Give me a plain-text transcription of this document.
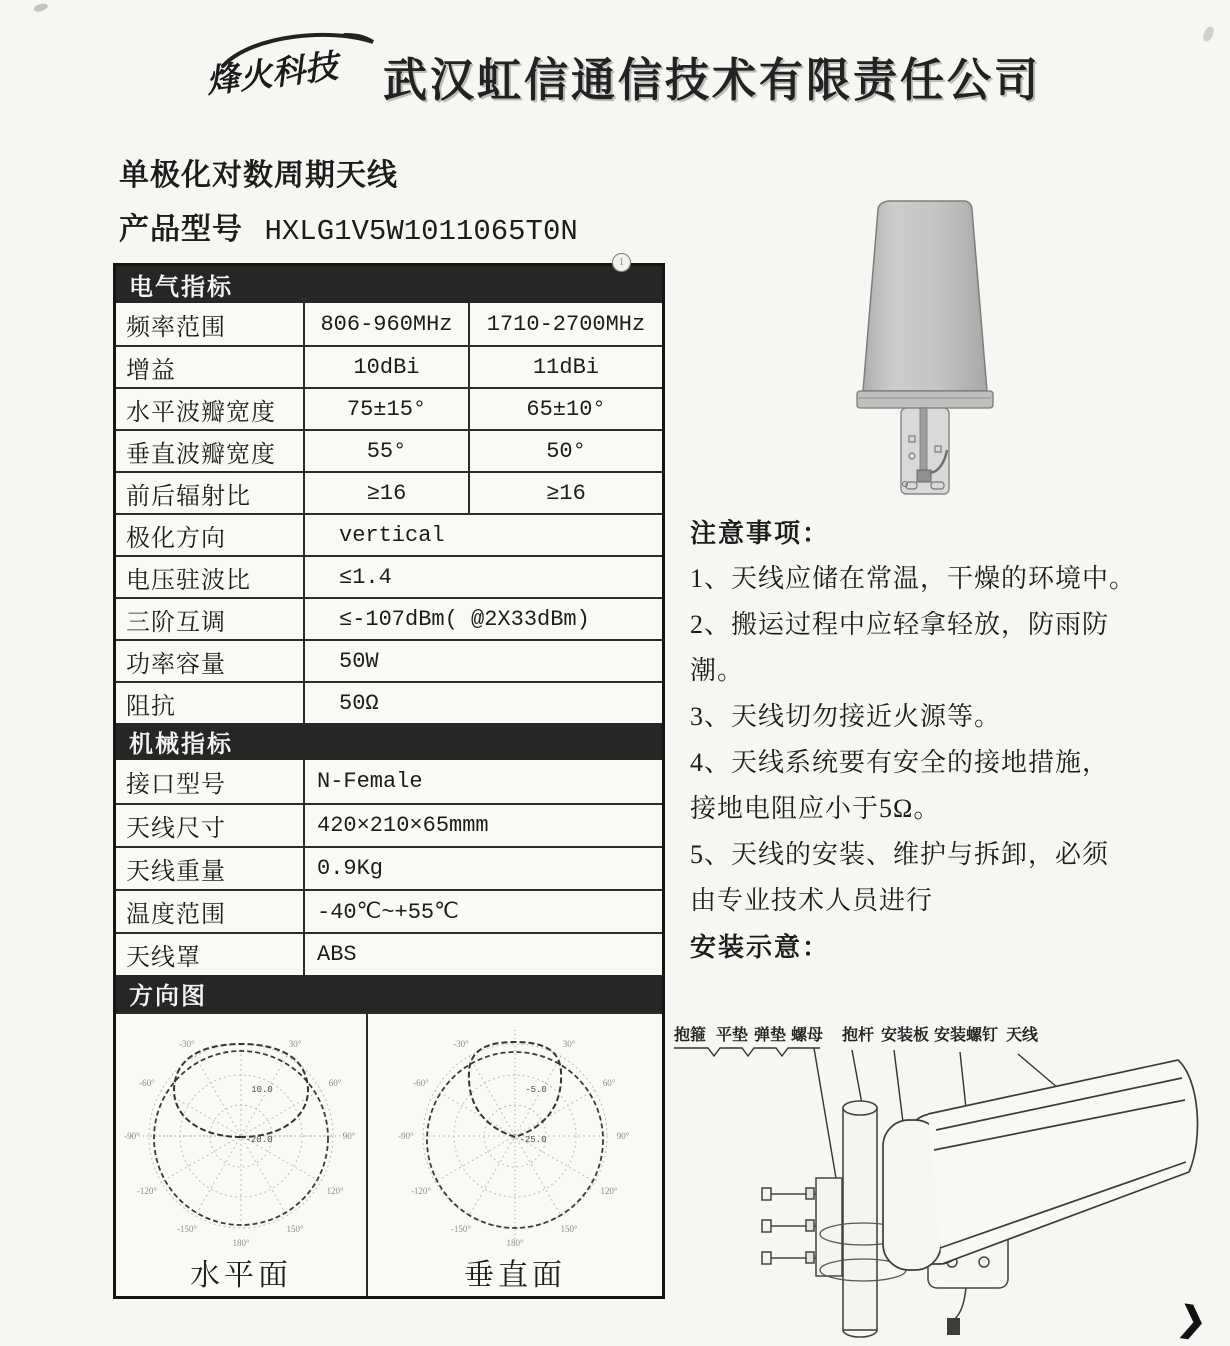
烽火科技 武汉虹信通信技术有限责任公司
单极化对数周期天线
产品型号 HXLG1V5W1011065T0N
电气指标
频率范围	806-960MHz	1710-2700MHz
增益	10dBi	11dBi
水平波瓣宽度	75±15°	65±10°
垂直波瓣宽度	55°	50°
前后辐射比	≥16	≥16
极化方向	vertical
电压驻波比	≤1.4
三阶互调	≤-107dBm( @2X33dBm)
功率容量	50W
阻抗	50Ω
机械指标
接口型号	N-Female
天线尺寸	420×210×65mmm
天线重量	0.9Kg
温度范围	-40℃~+55℃
天线罩	ABS
方向图
10.0
-20.0
-30°	30°
-60°	60°
-90°	90°
-120°	120°
-150°	150°
180°
水平面
-5.0
-25.0
-30°	30°
-60°	60°
-90°	90°
-120°	120°
-150°	150°
180°
垂直面
注意事项：
1、天线应储在常温，干燥的环境中。
2、搬运过程中应轻拿轻放，防雨防
潮。
3、天线切勿接近火源等。
4、天线系统要有安全的接地措施，
接地电阻应小于5Ω。
5、天线的安装、维护与拆卸，必须
由专业技术人员进行
安装示意：
抱箍 平垫 弹垫 螺母 抱杆 安装板 安装螺钉 天线
1
❯
